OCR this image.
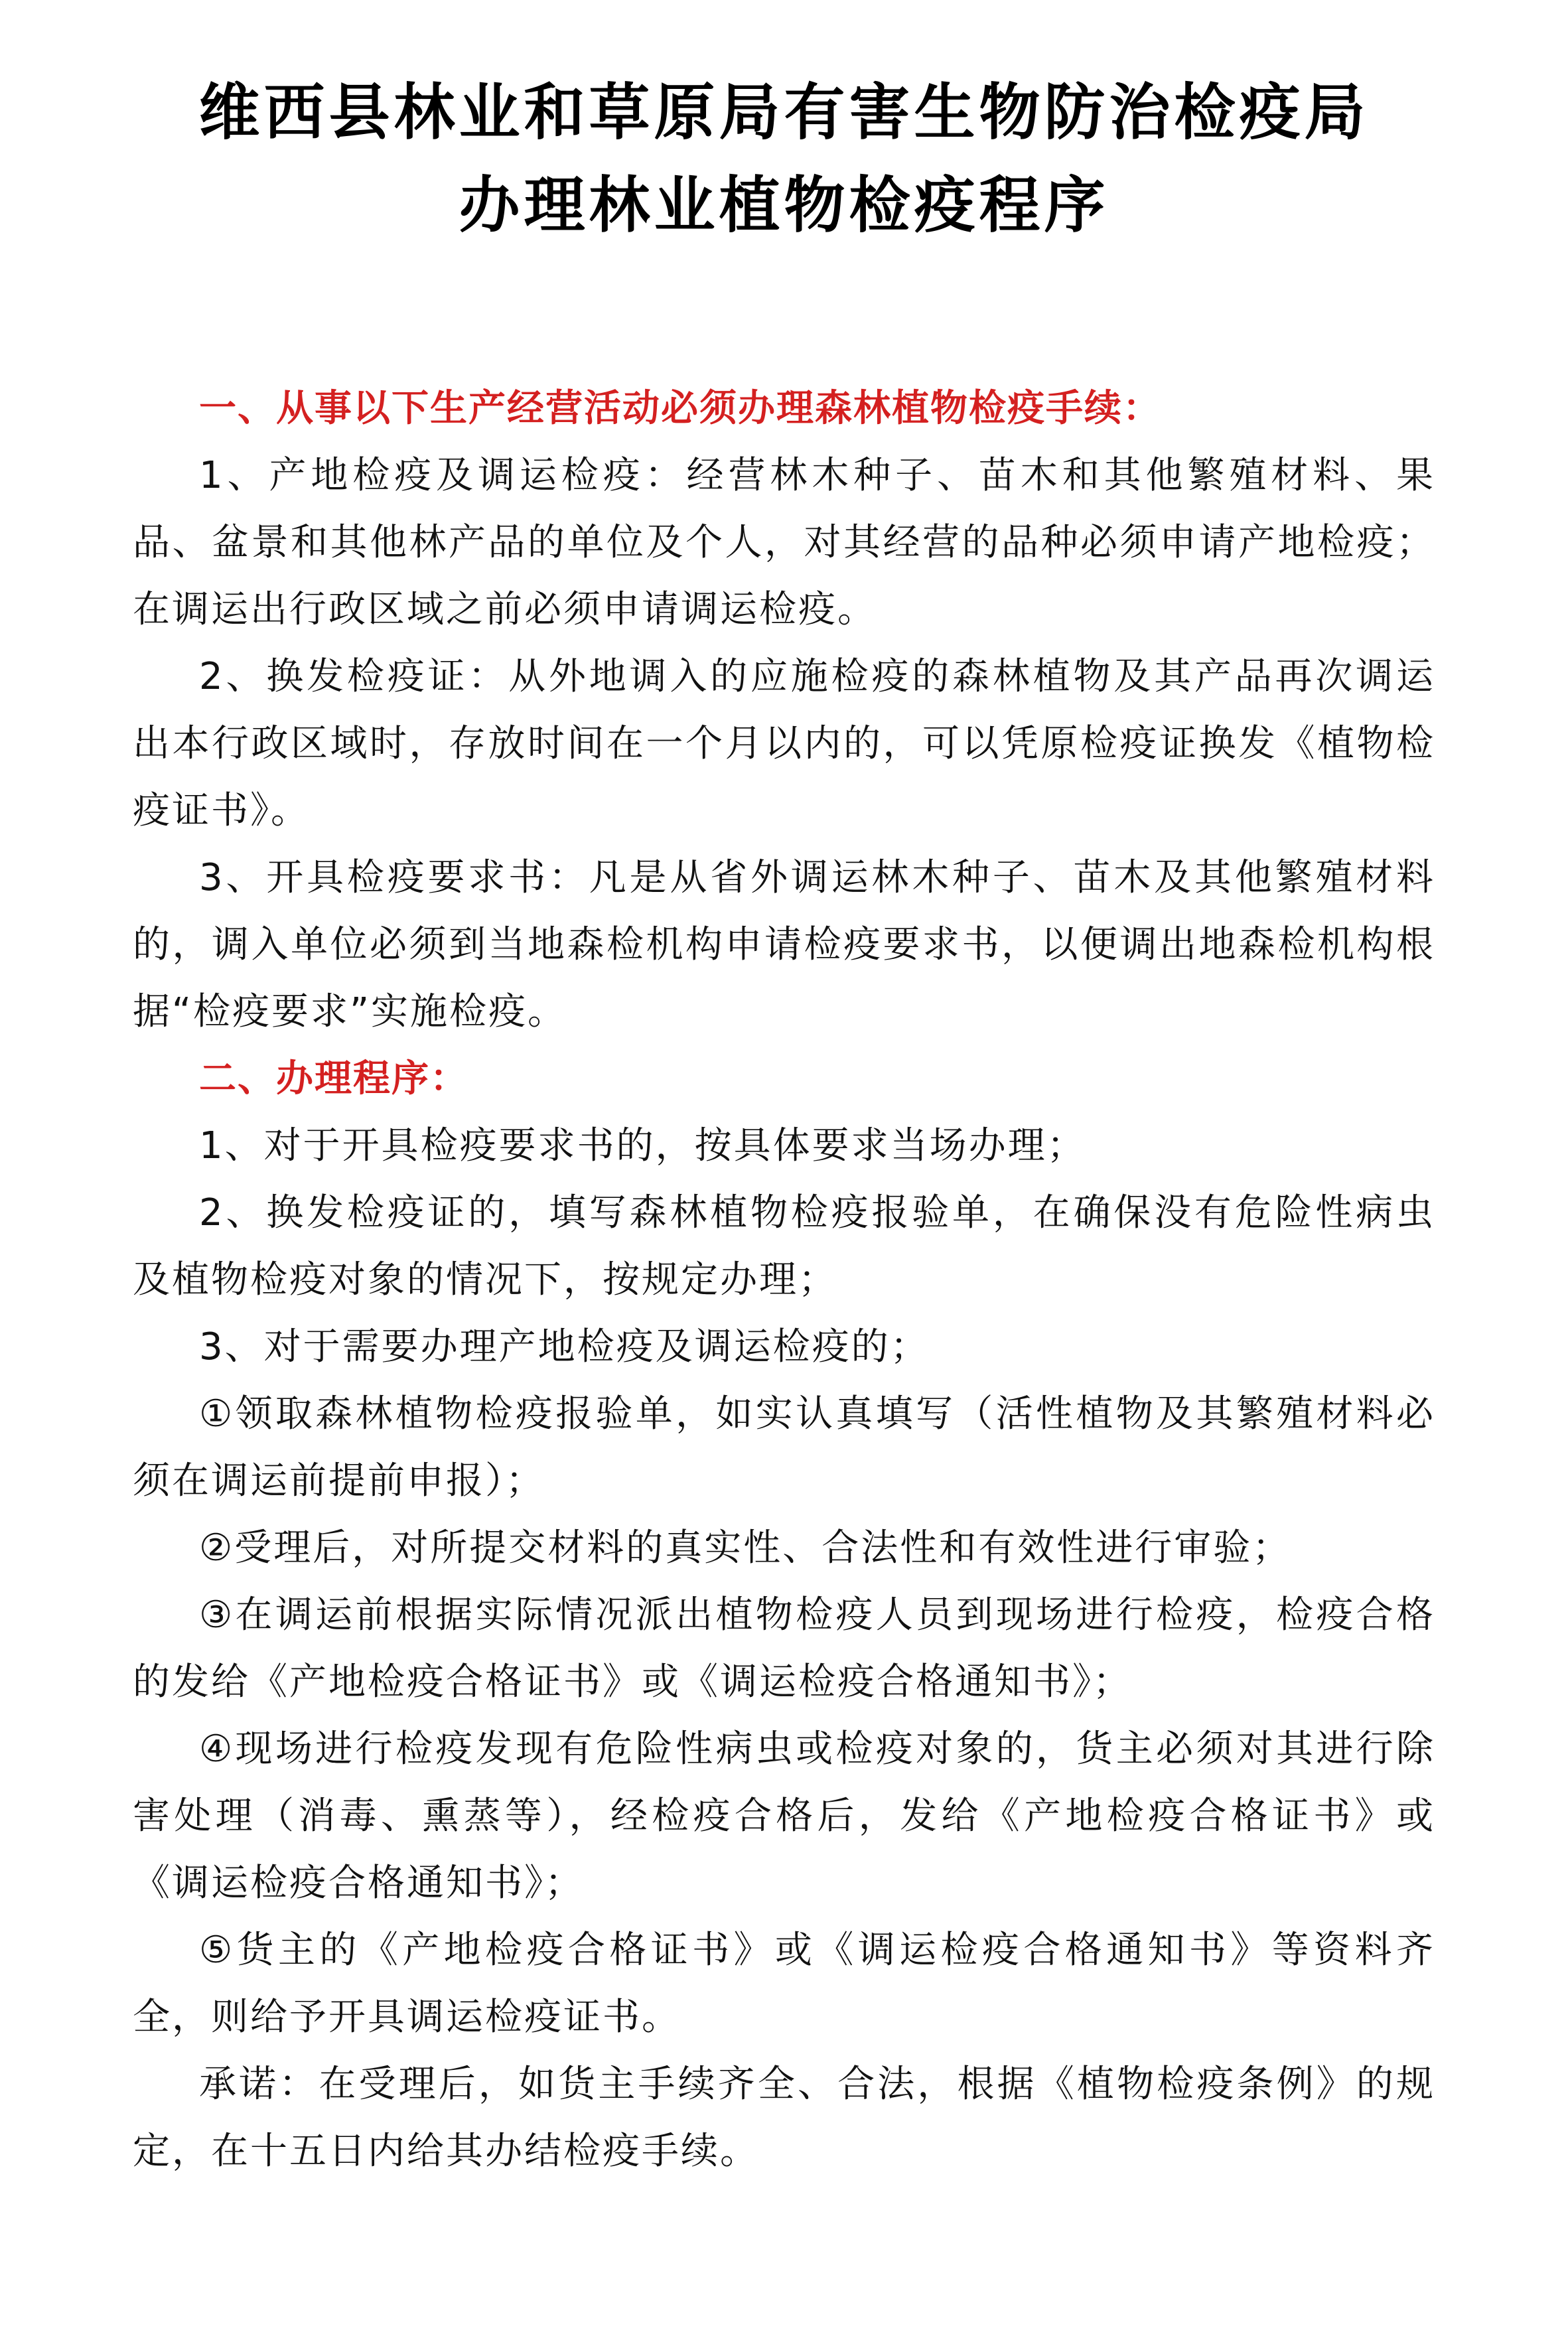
维西县林业和草原局有害生物防治检疫局
办理林业植物检疫程序

一、从事以下生产经营活动必须办理森林植物检疫手续：

1、产地检疫及调运检疫：经营林木种子、苗木和其他繁殖材料、果品、盆景和其他林产品的单位及个人，对其经营的品种必须申请产地检疫；在调运出行政区域之前必须申请调运检疫。

2、换发检疫证：从外地调入的应施检疫的森林植物及其产品再次调运出本行政区域时，存放时间在一个月以内的，可以凭原检疫证换发《植物检疫证书》。

3、开具检疫要求书：凡是从省外调运林木种子、苗木及其他繁殖材料的，调入单位必须到当地森检机构申请检疫要求书，以便调出地森检机构根据“检疫要求”实施检疫。

二、办理程序：

1、对于开具检疫要求书的，按具体要求当场办理；

2、换发检疫证的，填写森林植物检疫报验单，在确保没有危险性病虫及植物检疫对象的情况下，按规定办理；

3、对于需要办理产地检疫及调运检疫的；

①领取森林植物检疫报验单，如实认真填写（活性植物及其繁殖材料必须在调运前提前申报）；

②受理后，对所提交材料的真实性、合法性和有效性进行审验；

③在调运前根据实际情况派出植物检疫人员到现场进行检疫，检疫合格的发给《产地检疫合格证书》或《调运检疫合格通知书》；

④现场进行检疫发现有危险性病虫或检疫对象的，货主必须对其进行除害处理（消毒、熏蒸等），经检疫合格后，发给《产地检疫合格证书》或《调运检疫合格通知书》；

⑤货主的《产地检疫合格证书》或《调运检疫合格通知书》等资料齐全，则给予开具调运检疫证书。

承诺：在受理后，如货主手续齐全、合法，根据《植物检疫条例》的规定，在十五日内给其办结检疫手续。
